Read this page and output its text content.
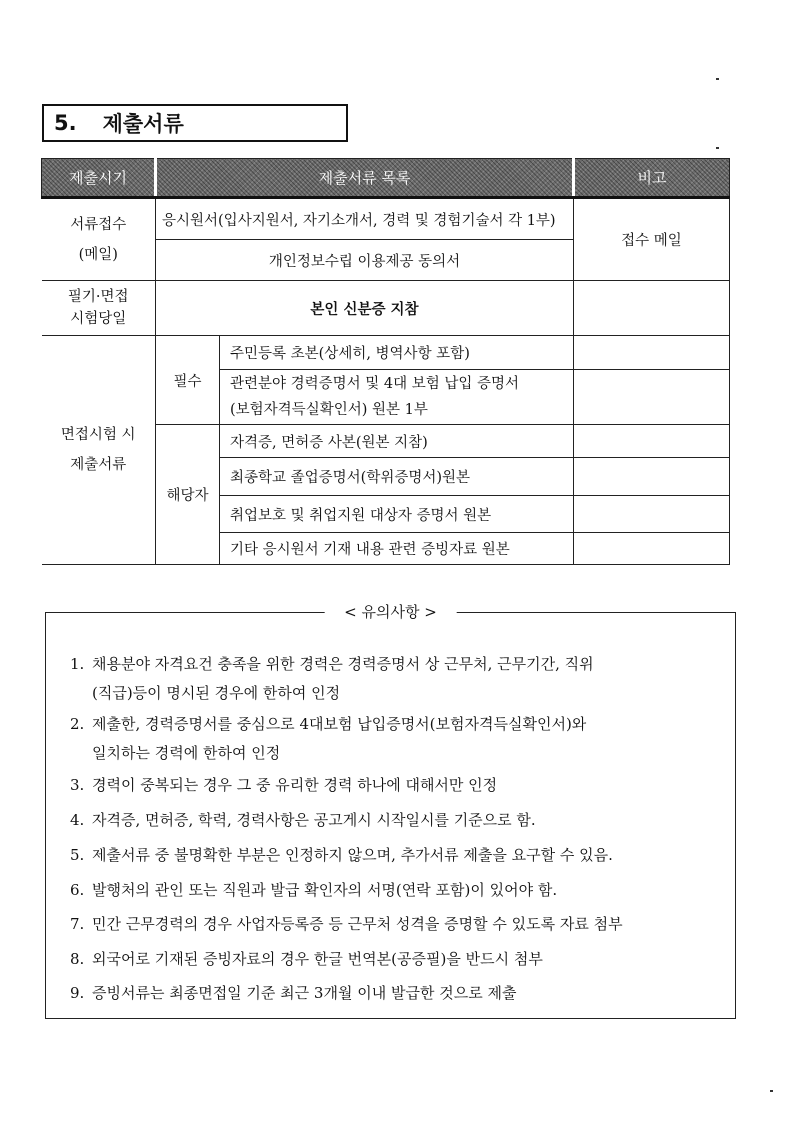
5. 제출서류
제출시기	제출서류 목록		비고

서류접수
(메일)	응시원서(입사지원서, 자기소개서, 경력 및 경험기술서 각 1부)		접수 메일
	개인정보수립 이용제공 동의서		

필기·면접
시험당일	본인 신분증 지참		

면접시험 시
제출서류	필수	주민등록 초본(상세히, 병역사항 포함)	

		관련분야 경력증명서 및 4대 보험 납입 증명서
(보험자격득실확인서) 원본 1부	

	해당자	자격증, 면허증 사본(원본 지참)	
		최종학교 졸업증명서(학위증명서)원본	
		취업보호 및 취업지원 대상자 증명서 원본	
		기타 응시원서 기재 내용 관련 증빙자료 원본	
< 유의사항 >
1. 채용분야 자격요건 충족을 위한 경력은 경력증명서 상 근무처, 근무기간, 직위
(직급)등이 명시된 경우에 한하여 인정
2. 제출한, 경력증명서를 중심으로 4대보험 납입증명서(보험자격득실확인서)와
일치하는 경력에 한하여 인정
3. 경력이 중복되는 경우 그 중 유리한 경력 하나에 대해서만 인정
4. 자격증, 면허증, 학력, 경력사항은 공고게시 시작일시를 기준으로 함.
5. 제출서류 중 불명확한 부분은 인정하지 않으며, 추가서류 제출을 요구할 수 있음.
6. 발행처의 관인 또는 직원과 발급 확인자의 서명(연락 포함)이 있어야 함.
7. 민간 근무경력의 경우 사업자등록증 등 근무처 성격을 증명할 수 있도록 자료 첨부
8. 외국어로 기재된 증빙자료의 경우 한글 번역본(공증필)을 반드시 첨부
9. 증빙서류는 최종면접일 기준 최근 3개월 이내 발급한 것으로 제출
